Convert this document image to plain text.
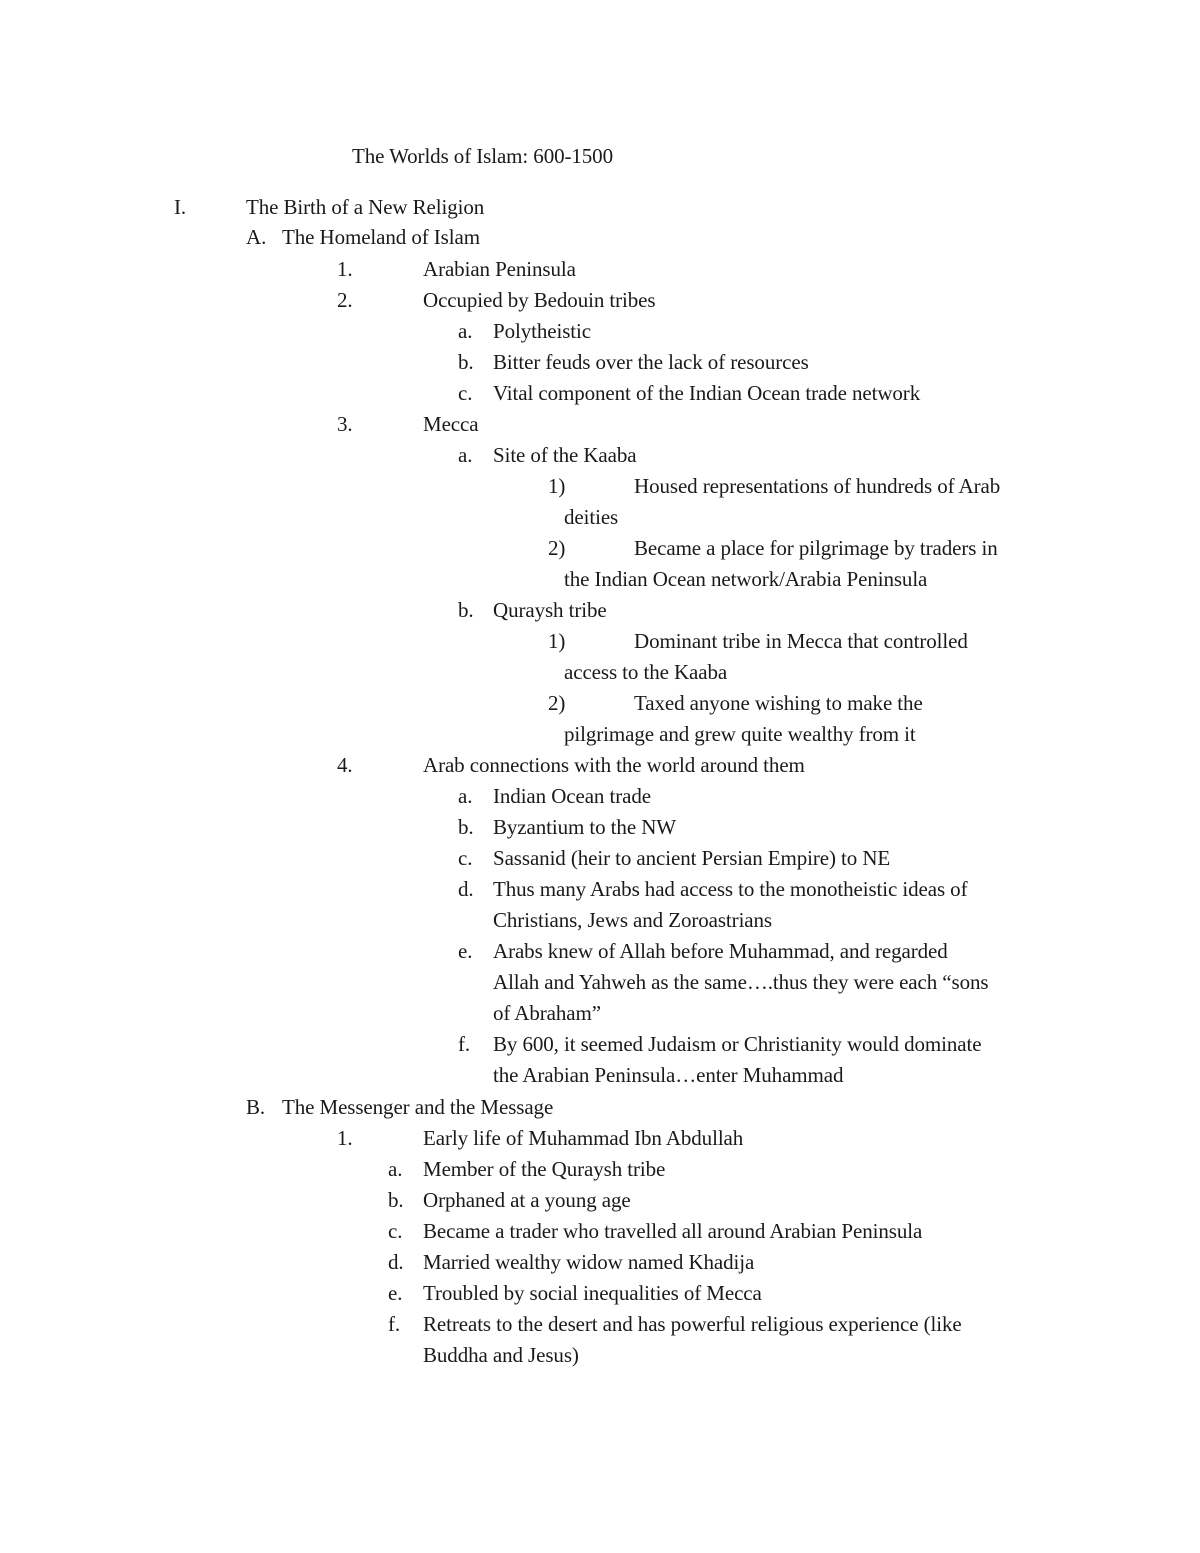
The Worlds of Islam: 600-1500
I.	The Birth of a New Religion
A. The Homeland of Islam
1.	Arabian Peninsula
2.	Occupied by Bedouin tribes
a. Polytheistic
b. Bitter feuds over the lack of resources
c. Vital component of the Indian Ocean trade network
3.	Mecca
a. Site of the Kaaba
1)	Housed representations of hundreds of Arab
deities
2)	Became a place for pilgrimage by traders in
the Indian Ocean network/Arabia Peninsula
b. Quraysh tribe
1)	Dominant tribe in Mecca that controlled
access to the Kaaba
2)	Taxed anyone wishing to make the
pilgrimage and grew quite wealthy from it
4.	Arab connections with the world around them
a. Indian Ocean trade
b. Byzantium to the NW
c. Sassanid (heir to ancient Persian Empire) to NE
d. Thus many Arabs had access to the monotheistic ideas of
Christians, Jews and Zoroastrians
e. Arabs knew of Allah before Muhammad, and regarded
Allah and Yahweh as the same….thus they were each “sons
of Abraham”
f. By 600, it seemed Judaism or Christianity would dominate
the Arabian Peninsula…enter Muhammad
B. The Messenger and the Message
1.	Early life of Muhammad Ibn Abdullah
a. Member of the Quraysh tribe
b. Orphaned at a young age
c. Became a trader who travelled all around Arabian Peninsula
d. Married wealthy widow named Khadija
e. Troubled by social inequalities of Mecca
f. Retreats to the desert and has powerful religious experience (like
Buddha and Jesus)
